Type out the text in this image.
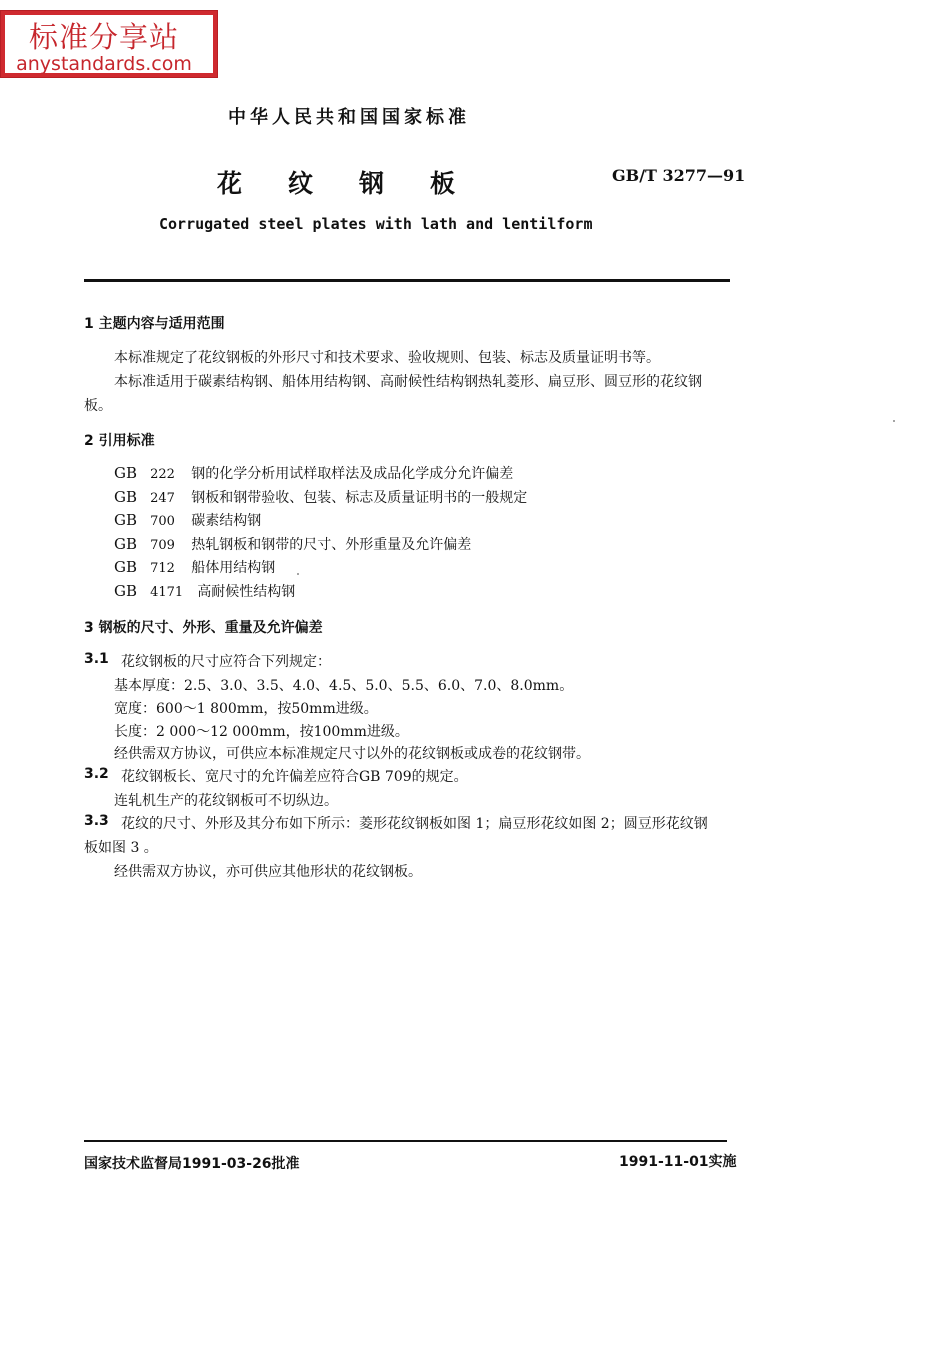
标准分享站
anystandards.com
中华人民共和国国家标准
花纹钢板	GB/T 3277—91
Corrugated steel plates with lath and lentilform
1 主题内容与适用范围
本标准规定了花纹钢板的外形尺寸和技术要求、验收规则、包装、标志及质量证明书等。
本标准适用于碳素结构钢、船体用结构钢、高耐候性结构钢热轧菱形、扁豆形、圆豆形的花纹钢
板。
2 引用标准
GB 222 钢的化学分析用试样取样法及成品化学成分允许偏差
GB 247 钢板和钢带验收、包装、标志及质量证明书的一般规定
GB 700 碳素结构钢
GB 709 热轧钢板和钢带的尺寸、外形重量及允许偏差
GB 712 船体用结构钢
GB 4171 高耐候性结构钢
3 钢板的尺寸、外形、重量及允许偏差
3.1 花纹钢板的尺寸应符合下列规定：
基本厚度：2.5、3.0、3.5、4.0、4.5、5.0、5.5、6.0、7.0、8.0mm。
宽度：600～1 800mm，按50mm进级。
长度：2 000～12 000mm，按100mm进级。
经供需双方协议，可供应本标准规定尺寸以外的花纹钢板或成卷的花纹钢带。
3.2 花纹钢板长、宽尺寸的允许偏差应符合GB 709的规定。
连轧机生产的花纹钢板可不切纵边。
3.3 花纹的尺寸、外形及其分布如下所示：菱形花纹钢板如图 1；扁豆形花纹如图 2；圆豆形花纹钢
板如图 3 。
经供需双方协议，亦可供应其他形状的花纹钢板。
国家技术监督局1991-03-26批准	1991-11-01实施
